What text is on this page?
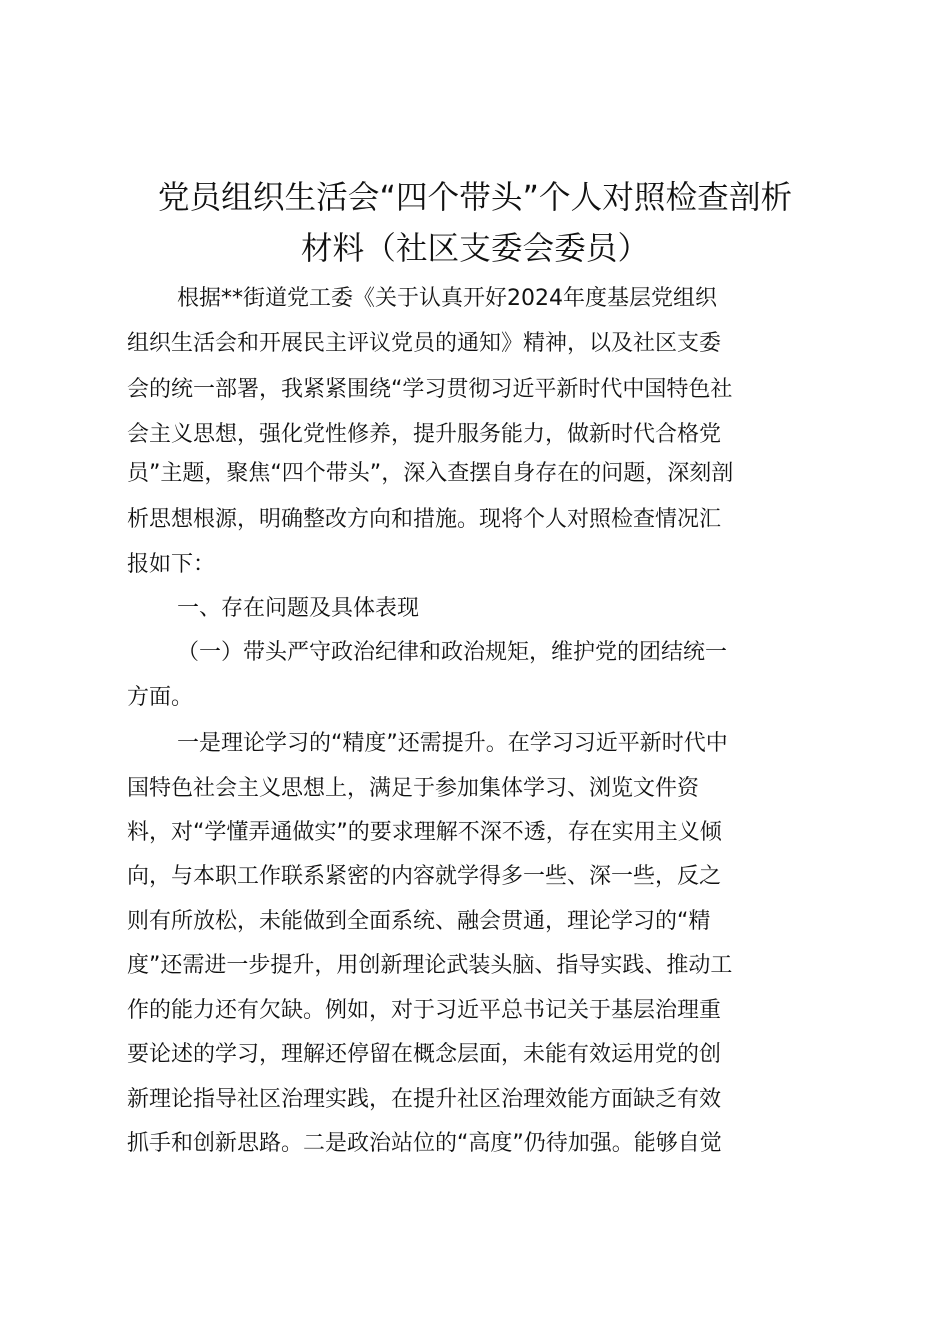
党员组织生活会“四个带头”个人对照检查剖析
材料（社区支委会委员）
根据**街道党工委《关于认真开好2024年度基层党组织
组织生活会和开展民主评议党员的通知》精神，以及社区支委
会的统一部署，我紧紧围绕“学习贯彻习近平新时代中国特色社
会主义思想，强化党性修养，提升服务能力，做新时代合格党
员”主题，聚焦“四个带头”，深入查摆自身存在的问题，深刻剖
析思想根源，明确整改方向和措施。现将个人对照检查情况汇
报如下：
一、存在问题及具体表现
（一）带头严守政治纪律和政治规矩，维护党的团结统一
方面。
一是理论学习的“精度”还需提升。在学习习近平新时代中
国特色社会主义思想上，满足于参加集体学习、浏览文件资
料，对“学懂弄通做实”的要求理解不深不透，存在实用主义倾
向，与本职工作联系紧密的内容就学得多一些、深一些，反之
则有所放松，未能做到全面系统、融会贯通，理论学习的“精
度”还需进一步提升，用创新理论武装头脑、指导实践、推动工
作的能力还有欠缺。例如，对于习近平总书记关于基层治理重
要论述的学习，理解还停留在概念层面，未能有效运用党的创
新理论指导社区治理实践，在提升社区治理效能方面缺乏有效
抓手和创新思路。二是政治站位的“高度”仍待加强。能够自觉
